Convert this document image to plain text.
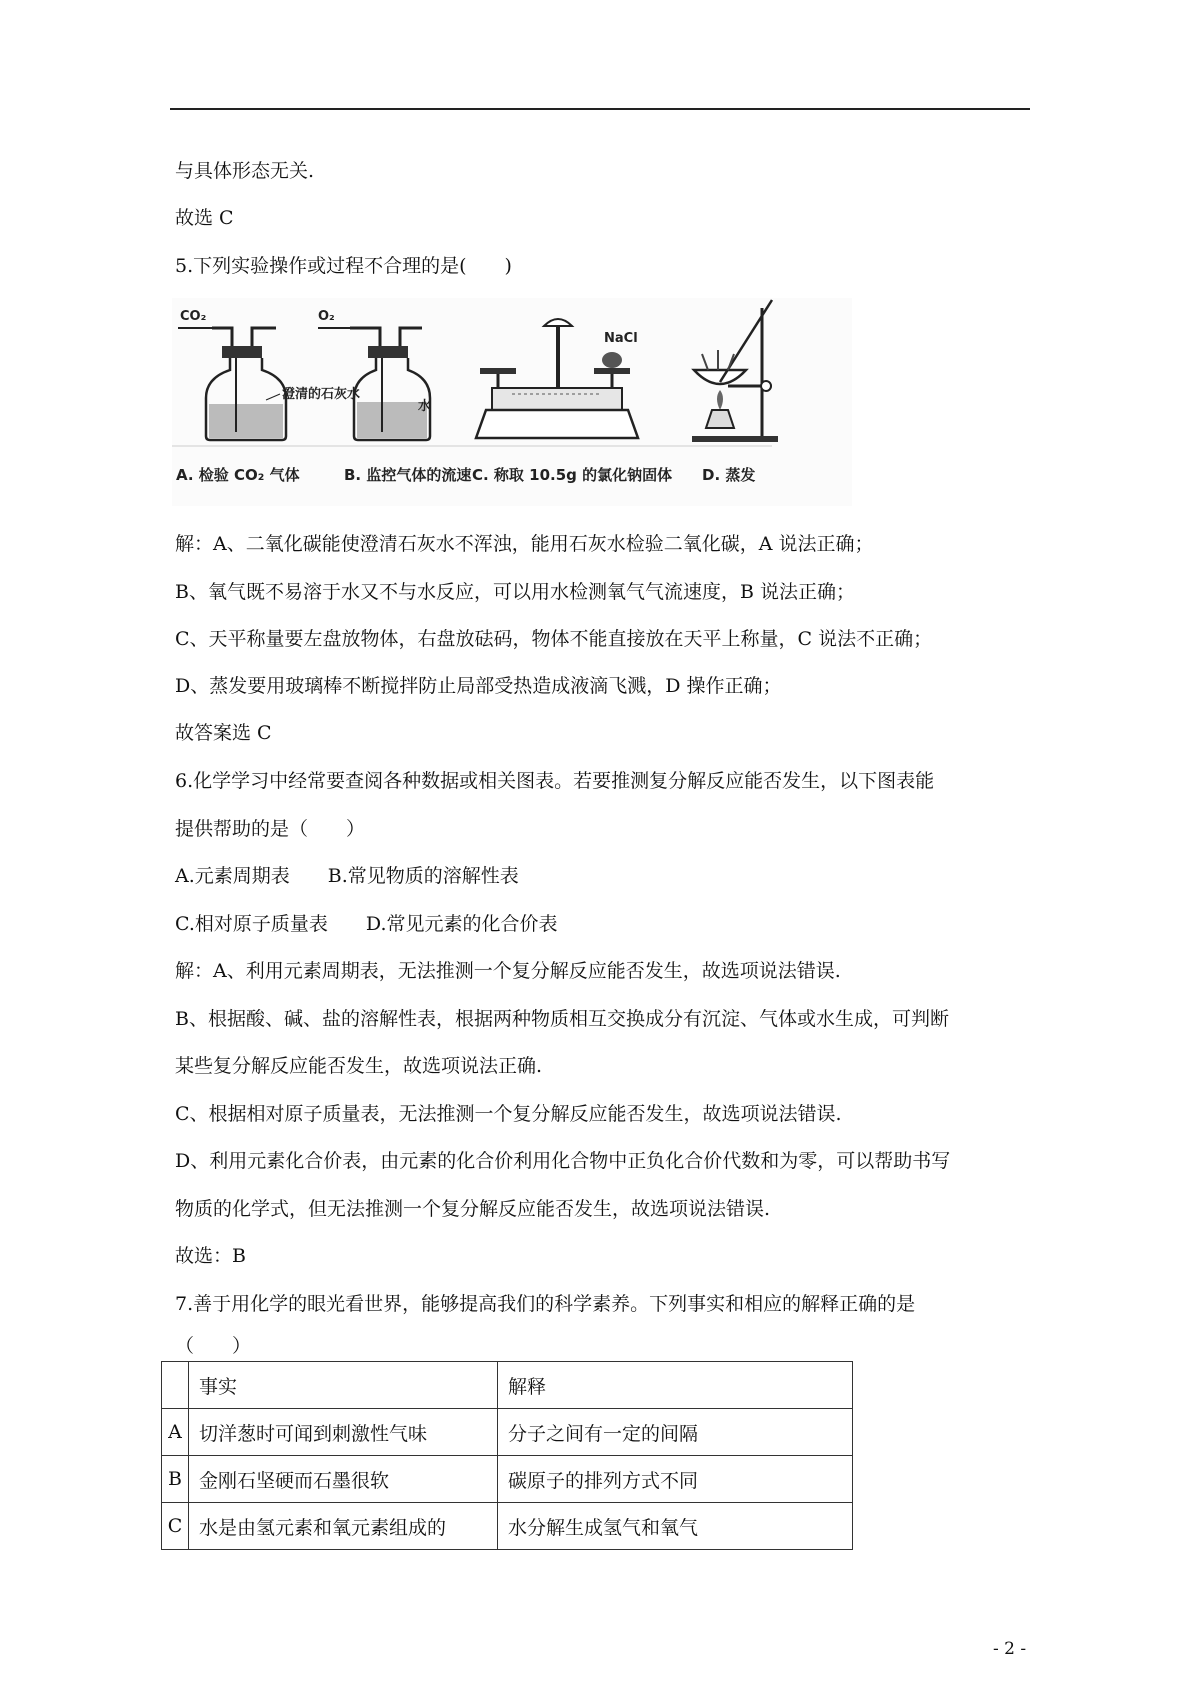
与具体形态无关.
故选 C
5.下列实验操作或过程不合理的是(　　)
CO₂
澄清的石灰水
A. 检验 CO₂ 气体
O₂
水
B. 监控气体的流速
NaCl
C. 称取 10.5g 的氯化钠固体 D. 蒸发
解：A、二氧化碳能使澄清石灰水不浑浊，能用石灰水检验二氧化碳，A 说法正确；
B、氧气既不易溶于水又不与水反应，可以用水检测氧气气流速度，B 说法正确；
C、天平称量要左盘放物体，右盘放砝码，物体不能直接放在天平上称量，C 说法不正确；
D、蒸发要用玻璃棒不断搅拌防止局部受热造成液滴飞溅，D 操作正确；
故答案选 C
6.化学学习中经常要查阅各种数据或相关图表。若要推测复分解反应能否发生，以下图表能
提供帮助的是（　　）
A.元素周期表　　B.常见物质的溶解性表
C.相对原子质量表　　D.常见元素的化合价表
解：A、利用元素周期表，无法推测一个复分解反应能否发生，故选项说法错误.
B、根据酸、碱、盐的溶解性表，根据两种物质相互交换成分有沉淀、气体或水生成，可判断
某些复分解反应能否发生，故选项说法正确.
C、根据相对原子质量表，无法推测一个复分解反应能否发生，故选项说法错误.
D、利用元素化合价表，由元素的化合价利用化合物中正负化合价代数和为零，可以帮助书写
物质的化学式，但无法推测一个复分解反应能否发生，故选项说法错误.
故选：B
7.善于用化学的眼光看世界，能够提高我们的科学素养。下列事实和相应的解释正确的是
（　　）
	事实	解释
A	切洋葱时可闻到刺激性气味	分子之间有一定的间隔
B	金刚石坚硬而石墨很软	碳原子的排列方式不同
C	水是由氢元素和氧元素组成的	水分解生成氢气和氧气
- 2 -
